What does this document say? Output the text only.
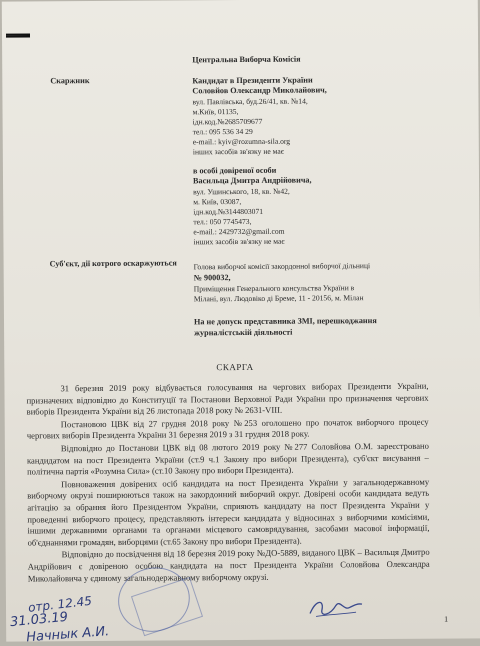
Центральна Виборча Комісія
Скаржник	Кандидат в Президенти України
Соловйов Олександр Миколайович,
вул. Павлівська, буд.26/41, кв. №14,
м.Київ, 01135,
ідн.код.№2685709677
тел.: 095 536 34 29
e-mail.: kyiv@rozumna-sila.org
інших засобів зв'язку не має
в особі довіреної особи
Васильца Дмитра Андрійовича,
вул. Ушинського, 18, кв. №42,
м. Київ, 03087,
ідн.код.№3144803071
тел.: 050 7745473,
e-mail.: 2429732@gmail.com
інших засобів зв'язку не має
Суб'єкт, дії котрого оскаржуються Голова виборчої комісії закордонної виборчої дільниці
№ 900032,
Приміщення Генерального консульства України в
Мілані, вул. Людовіко ді Бреме, 11 - 20156, м. Мілан
На не допуск представника ЗМІ, перешкоджання
журналістській діяльності
СКАРГА

31 березня 2019 року відбувається голосування на чергових виборах Президенти України, призначених відповідно до Конституції та Постанови Верховної Ради України про призначення чергових виборів Президента України від 26 листопада 2018 року № 2631-VIII.

Постановою ЦВК від 27 грудня 2018 року №253 оголошено про початок виборчого процесу чергових виборів Президента України 31 березня 2019 з 31 грудня 2018 року.

Відповідно до Постанови ЦВК від 08 лютого 2019 року №277 Соловйова О.М. зареєстровано кандидатом на пост Президента України (ст.9 ч.1 Закону про вибори Президента), суб'єкт висування – політична партія «Розумна Сила» (ст.10 Закону про вибори Президента).

Повноваження довірених осіб кандидата на пост Президента України у загальнодержавному виборчому окрузі поширюються також на закордонний виборчий округ. Довірені особи кандидата ведуть агітацію за обрання його Президентом України, сприяють кандидату на пост Президента України у проведенні виборчого процесу, представляють інтереси кандидата у відносинах з виборчими комісіями, іншими державними органами та органами місцевого самоврядування, засобами масової інформації, об'єднаннями громадян, виборцями (ст.65 Закону про вибори Президента).

Відповідно до посвідчення від 18 березня 2019 року №ДО-5889, виданого ЦВК – Васильця Дмитро Андрійович є довіреною особою кандидата на пост Президента України Соловйова Олександра Миколайовича у єдиному загальнодержавному виборчому окрузі.

отр. 12.45
31.03.19
Начнык А.И.
1
